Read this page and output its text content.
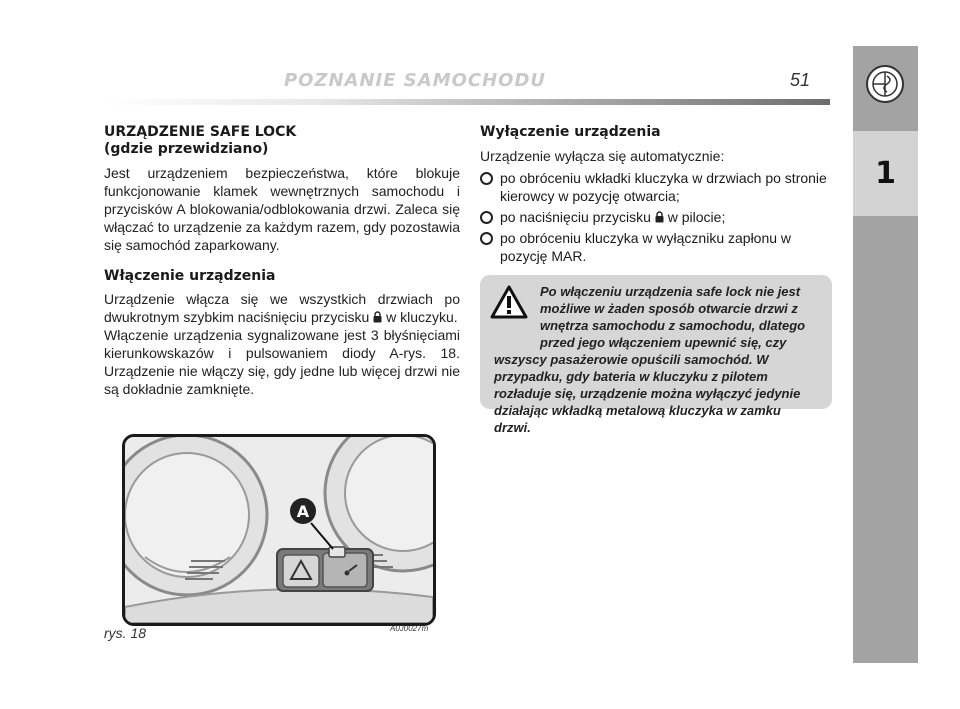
POZNANIE SAMOCHODU	51
1
URZĄDZENIE SAFE LOCK
(gdzie przewidziano)

Jest urządzeniem bezpieczeństwa, które blokuje funkcjonowanie klamek wewnętrznych samochodu i przycisków A blokowania/odblokowania drzwi. Zaleca się włączać to urządzenie za każdym razem, gdy pozostawia się samochód zaparkowany.

Włączenie urządzenia

Urządzenie włącza się we wszystkich drzwiach po dwukrotnym szybkim naciśnięciu przycisku w kluczyku.
Włączenie urządzenia sygnalizowane jest 3 błyśnięciami kierunkowskazów i pulsowaniem diody A-rys. 18. Urządzenie nie włączy się, gdy jedne lub więcej drzwi nie są dokładnie zamknięte.

Wyłączenie urządzenia

Urządzenie wyłącza się automatycznie:

po obróceniu wkładki kluczyka w drzwiach po stronie kierowcy w pozycję otwarcia;
po naciśnięciu przycisku w pilocie;
po obróceniu kluczyka w wyłączniku zapłonu w pozycję MAR.
Po włączeniu urządzenia safe lock nie jest możliwe w żaden sposób otwarcie drzwi z wnętrza samochodu z samochodu, dlatego przed jego włączeniem upewnić się, czy wszyscy pasażerowie opuścili samochód. W przypadku, gdy bateria w kluczyku z pilotem rozładuje się, urządzenie można wyłączyć jedynie działając wkładką metalową kluczyka w zamku drzwi.
A
rys. 18	A0J0027m
